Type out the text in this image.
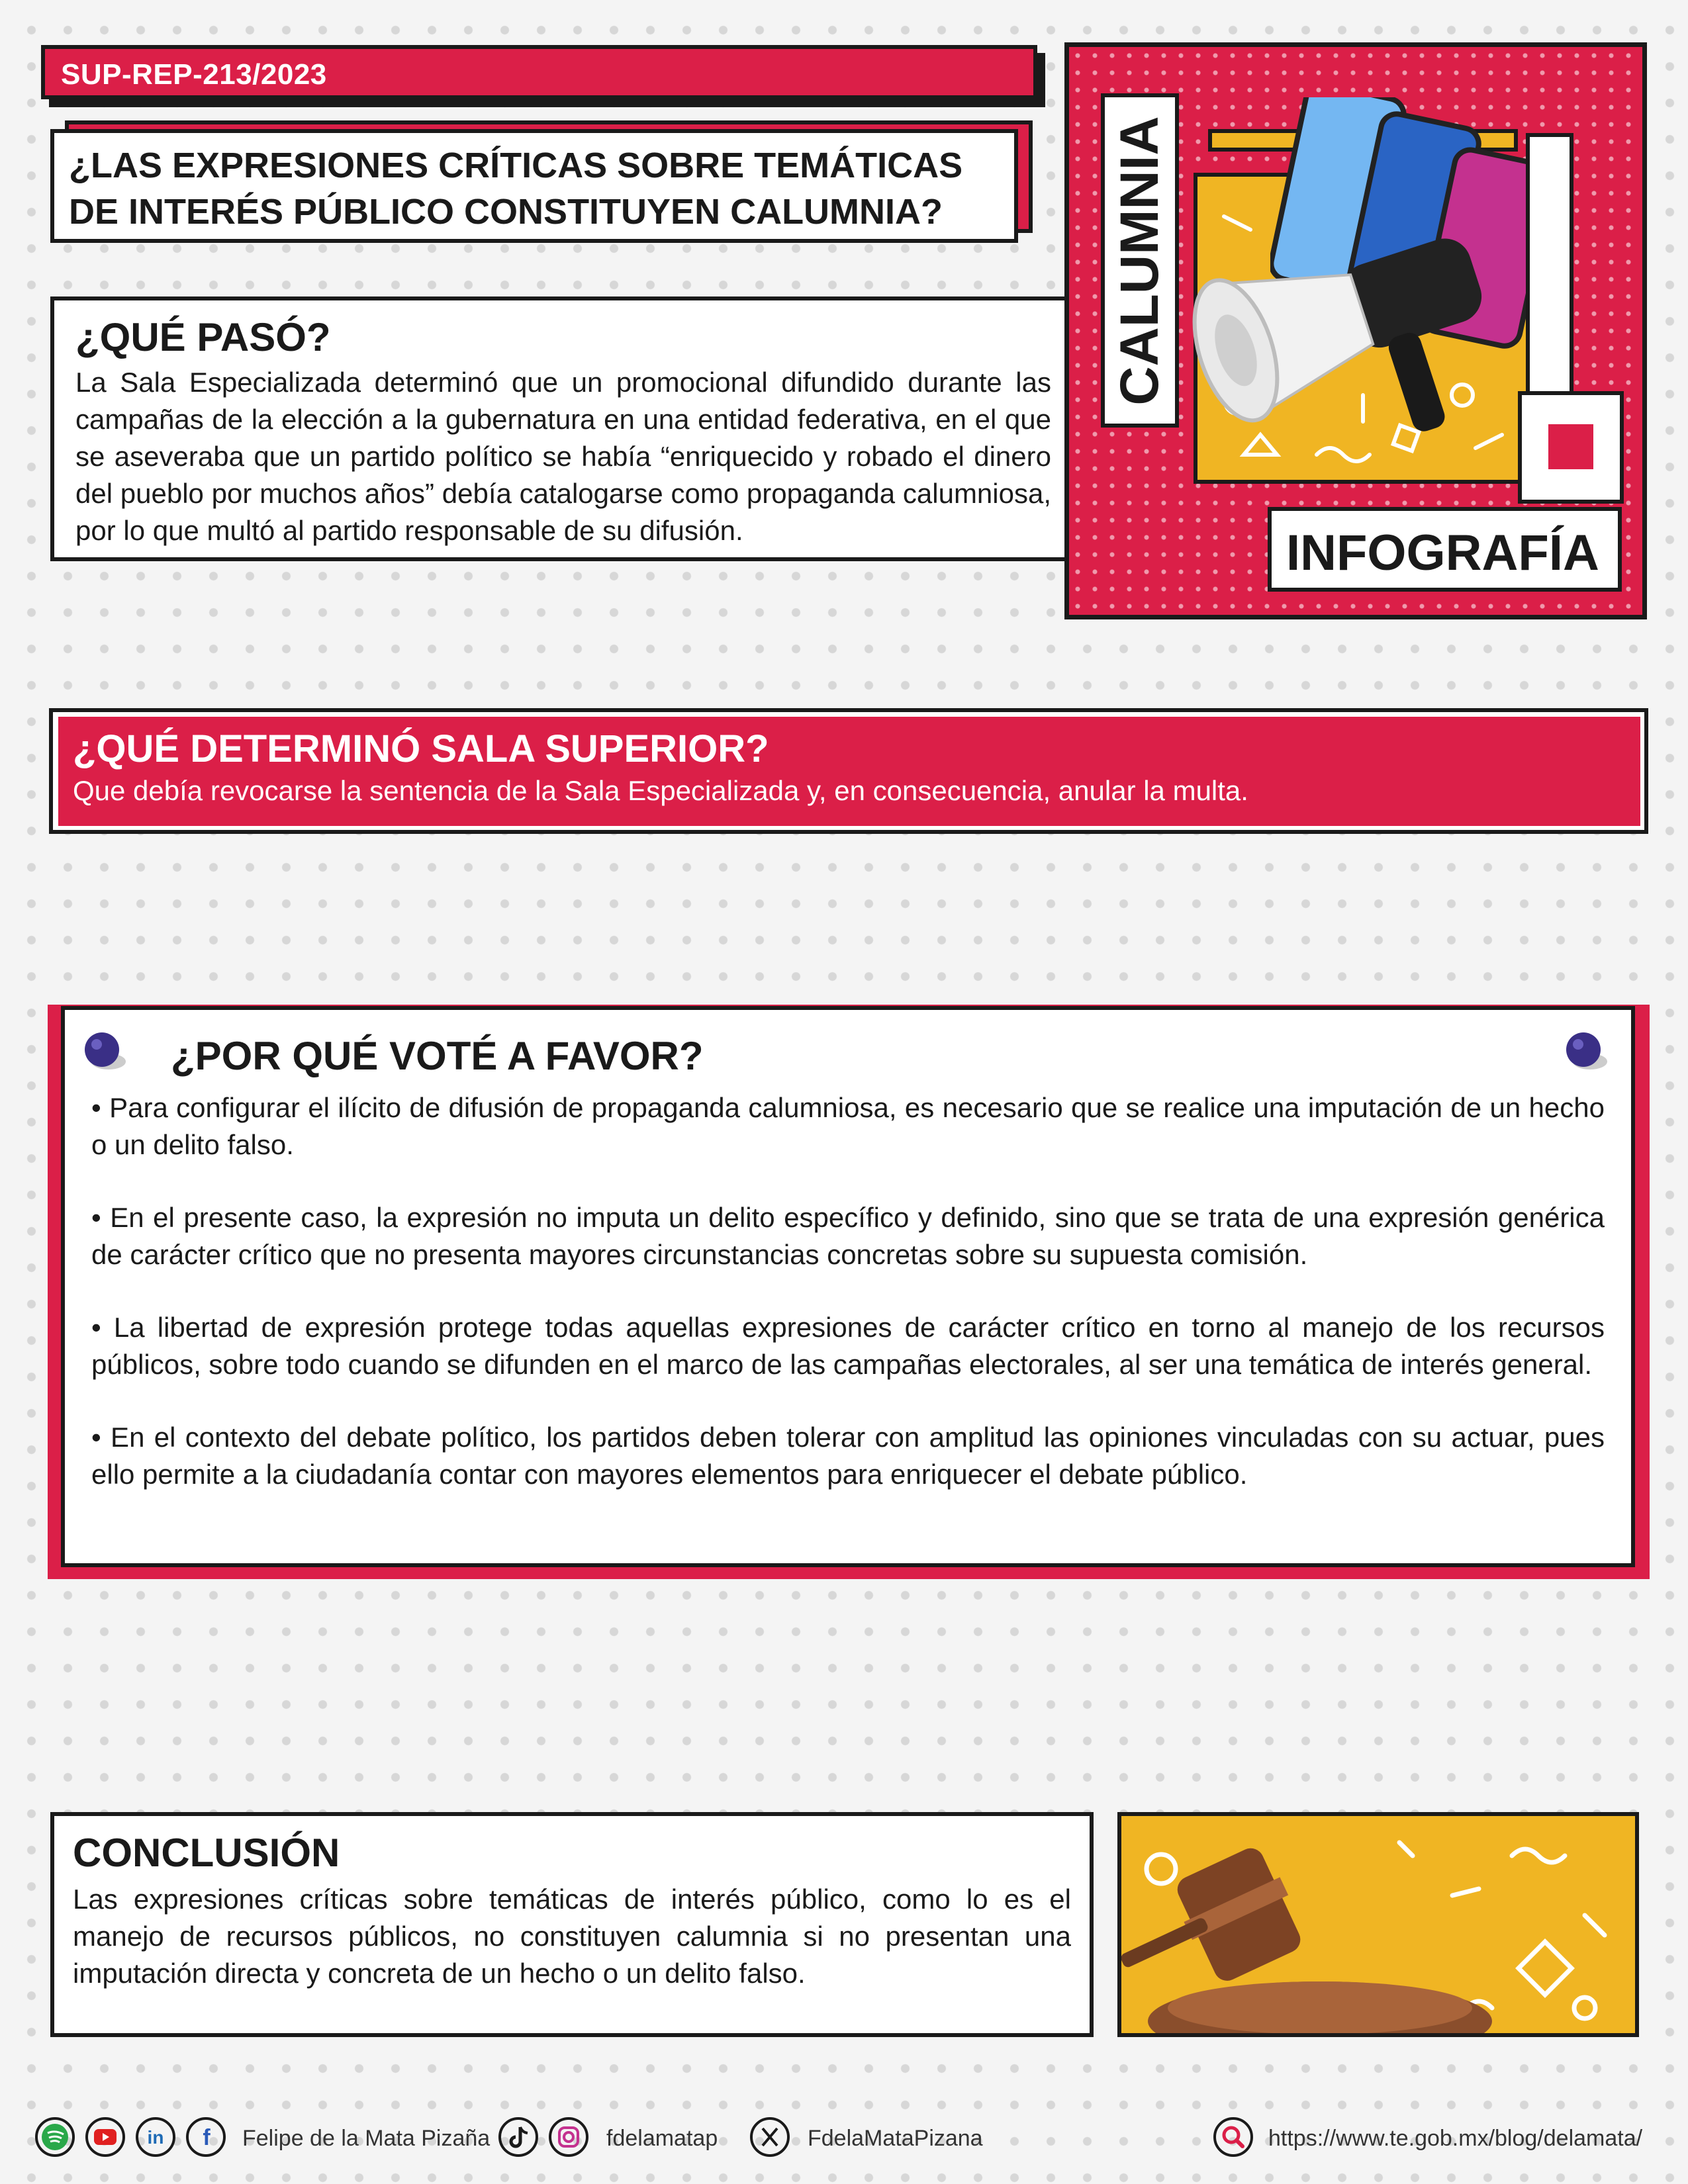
SUP-REP-213/2023

¿LAS EXPRESIONES CRÍTICAS SOBRE TEMÁTICAS DE INTERÉS PÚBLICO CONSTITUYEN CALUMNIA?

¿QUÉ PASÓ?

La Sala Especializada determinó que un promocional difundido durante las campañas de la elección a la gubernatura en una entidad federativa, en el que se aseveraba que un partido político se había “enriquecido y robado el dinero del pueblo por muchos años” debía catalogarse como propaganda calumniosa, por lo que multó al partido responsable de su difusión.

CALUMNIA
INFOGRAFÍA
¿QUÉ DETERMINÓ SALA SUPERIOR?

Que debía revocarse la sentencia de la Sala Especializada y, en consecuencia, anular la multa.

¿POR QUÉ VOTÉ A FAVOR?

• Para configurar el ilícito de difusión de propaganda calumniosa, es necesario que se realice una imputación de un hecho o un delito falso.

• En el presente caso, la expresión no imputa un delito específico y definido, sino que se trata de una expresión genérica de carácter crítico que no presenta mayores circunstancias concretas sobre su supuesta comisión.

• La libertad de expresión protege todas aquellas expresiones de carácter crítico en torno al manejo de los recursos públicos, sobre todo cuando se difunden en el marco de las campañas electorales, al ser una temática de interés general.

• En el contexto del debate político, los partidos deben tolerar con amplitud las opiniones vinculadas con su actuar, pues ello permite a la ciudadanía contar con mayores elementos para enriquecer el debate público.

CONCLUSIÓN

Las expresiones críticas sobre temáticas de interés público, como lo es el manejo de recursos públicos, no constituyen calumnia si no presentan una imputación directa y concreta de un hecho o un delito falso.

in f Felipe de la Mata Pizaña	fdelamatap	FdelaMataPizana	https://www.te.gob.mx/blog/delamata/
